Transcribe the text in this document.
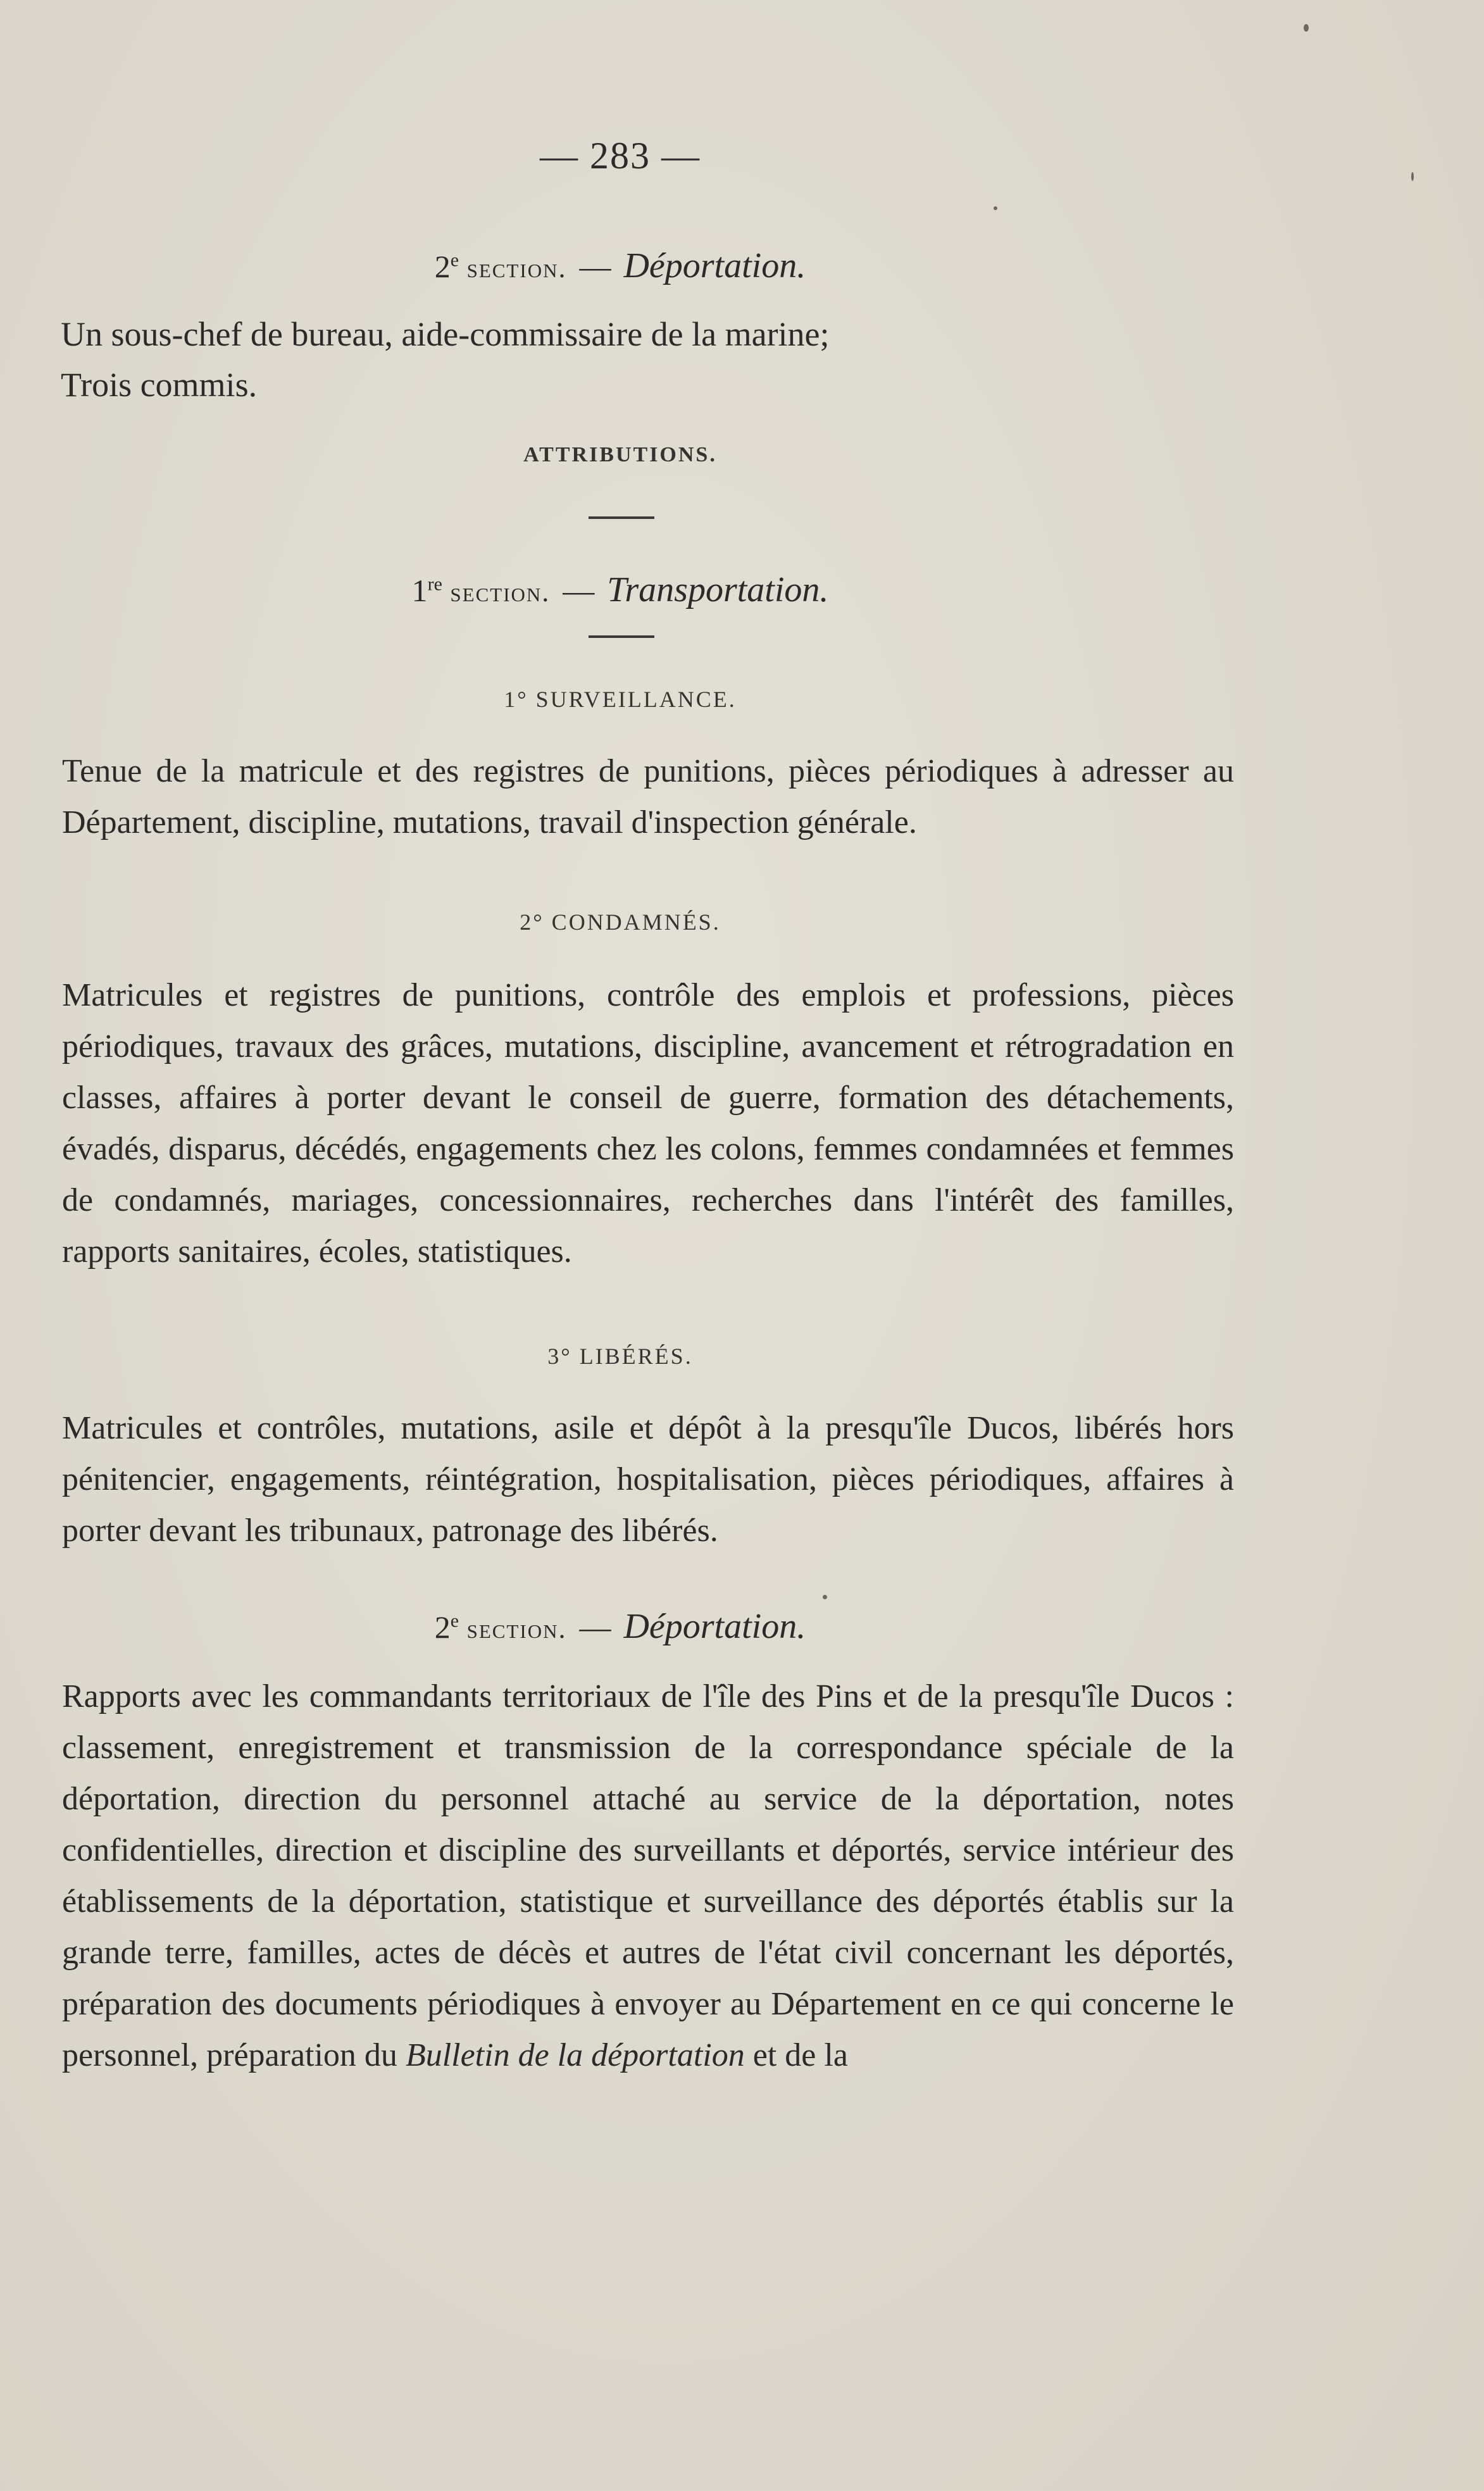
— 283 —
2e section. — Déportation.
Un sous-chef de bureau, aide-commissaire de la marine;
Trois commis.
ATTRIBUTIONS.
1re section. — Transportation.
1° SURVEILLANCE.
Tenue de la matricule et des registres de punitions, pièces périodiques à adresser au Département, discipline, mutations, travail d'inspection générale.
2° CONDAMNÉS.
Matricules et registres de punitions, contrôle des emplois et professions, pièces périodiques, travaux des grâces, mutations, discipline, avancement et rétrogradation en classes, affaires à porter devant le conseil de guerre, formation des détachements, évadés, disparus, décédés, engagements chez les colons, femmes condamnées et femmes de condamnés, mariages, concessionnaires, recherches dans l'intérêt des familles, rapports sanitaires, écoles, statistiques.
3° LIBÉRÉS.
Matricules et contrôles, mutations, asile et dépôt à la presqu'île Ducos, libérés hors pénitencier, engagements, réintégration, hospitalisation, pièces périodiques, affaires à porter devant les tribunaux, patronage des libérés.
2e section. — Déportation.
Rapports avec les commandants territoriaux de l'île des Pins et de la presqu'île Ducos : classement, enregistrement et transmission de la correspondance spéciale de la déportation, direction du personnel attaché au service de la déportation, notes confidentielles, direction et discipline des surveillants et déportés, service intérieur des établissements de la déportation, statistique et surveillance des déportés établis sur la grande terre, familles, actes de décès et autres de l'état civil concernant les déportés, préparation des documents périodiques à envoyer au Département en ce qui concerne le personnel, préparation du Bulletin de la déportation et de la
